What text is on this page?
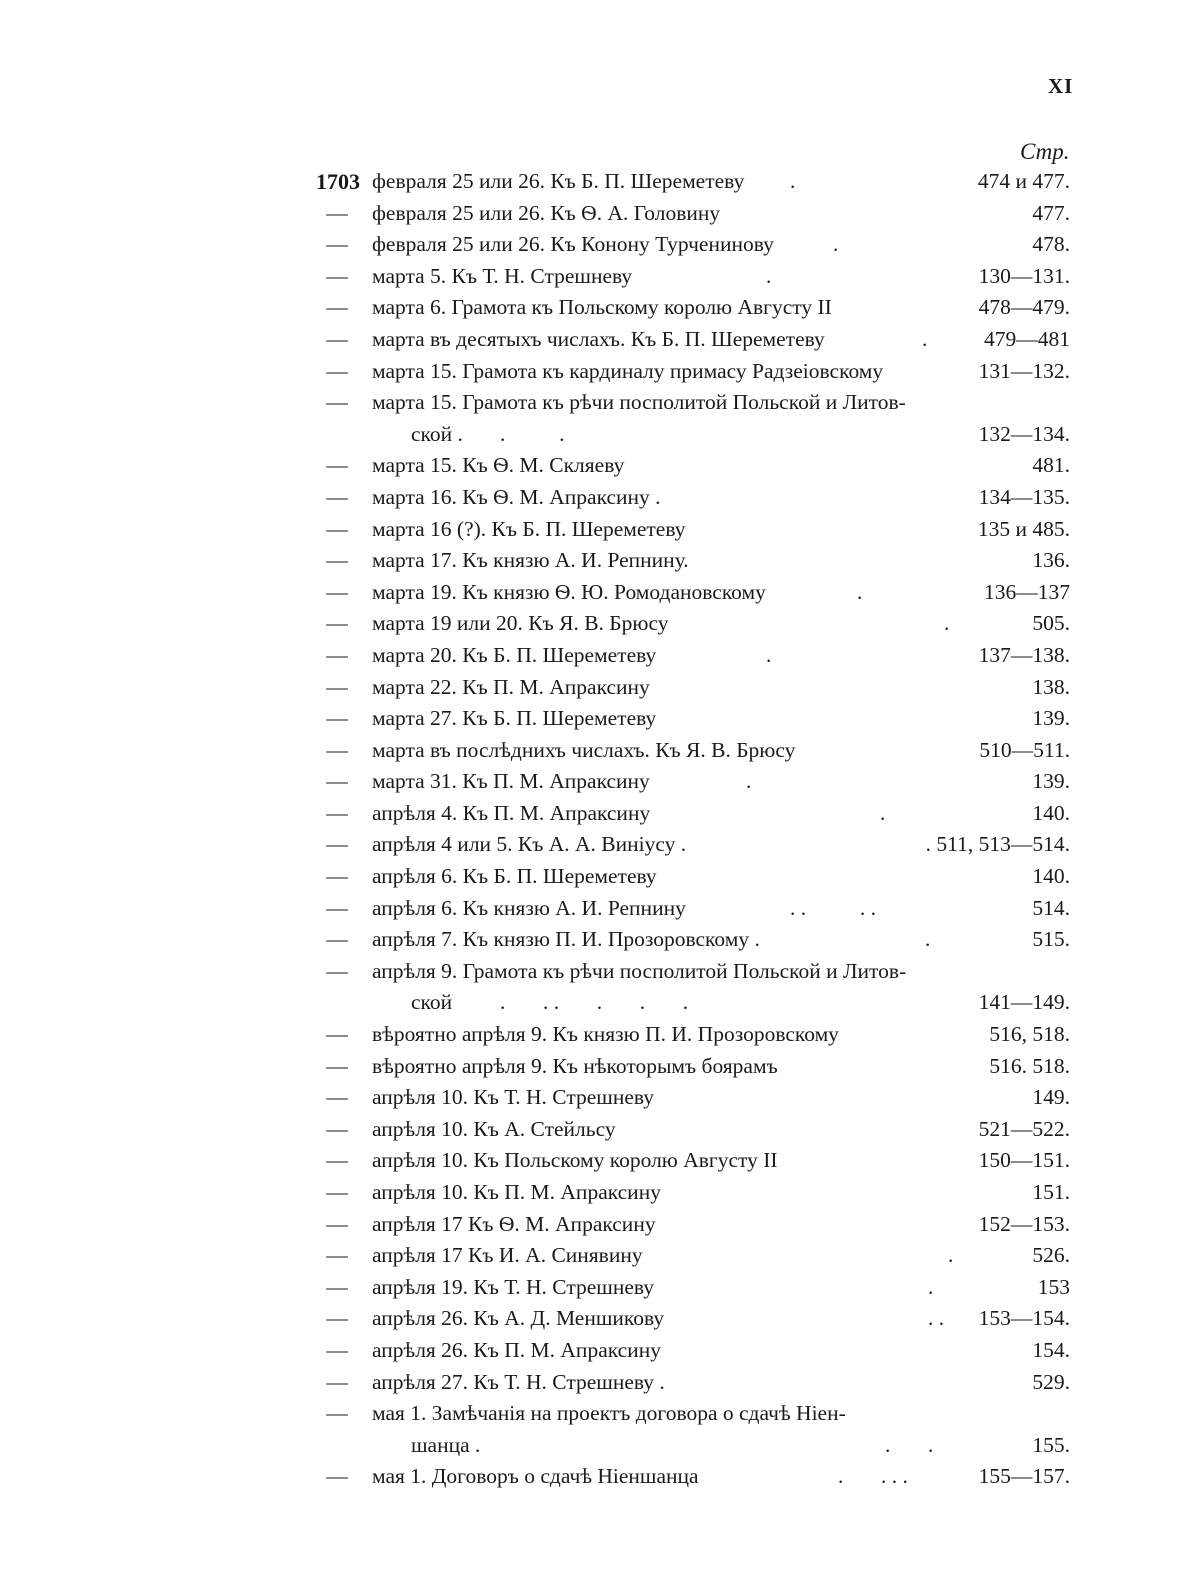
XI
Стр.
1703 февраля 25 или 26. Къ Б. П. Шереметеву .	474 и 477.
— февраля 25 или 26. Къ Ѳ. А. Головину	477.
— февраля 25 или 26. Къ Конону Турченинову	.	478.
— марта 5. Къ Т. Н. Стрешневу	.	130—131.
— марта 6. Грамота къ Польскому королю Августу II	478—479.
— марта въ десятыхъ числахъ. Къ Б. П. Шереметеву	.	479—481
— марта 15. Грамота къ кардиналу примасу Радзеіовскому	131—132.
— марта 15. Грамота къ рѣчи посполитой Польской и Литов-
ской . .          .	132—134.
— марта 15. Къ Ѳ. М. Скляеву	481.
— марта 16. Къ Ѳ. М. Апраксину .	134—135.
— марта 16 (?). Къ Б. П. Шереметеву	135 и 485.
— марта 17. Къ князю А. И. Репнину.	136.
— марта 19. Къ князю Ѳ. Ю. Ромодановскому	.	136—137
— марта 19 или 20. Къ Я. В. Брюсу	.	505.
— марта 20. Къ Б. П. Шереметеву	.	137—138.
— марта 22. Къ П. М. Апраксину	138.
— марта 27. Къ Б. П. Шереметеву	139.
— марта въ послѣднихъ числахъ. Къ Я. В. Брюсу	510—511.
— марта 31. Къ П. М. Апраксину	.	139.
— апрѣля 4. Къ П. М. Апраксину	.	140.
— апрѣля 4 или 5. Къ А. А. Виніусу .	. 511, 513—514.
— апрѣля 6. Къ Б. П. Шереметеву	140.
— апрѣля 6. Къ князю А. И. Репнину	. .          . .	514.
— апрѣля 7. Къ князю П. И. Прозоровскому .	.	515.
— апрѣля 9. Грамота къ рѣчи посполитой Польской и Литов-
ской .       . .       .       .       .	141—149.
— вѣроятно апрѣля 9. Къ князю П. И. Прозоровскому	516, 518.
— вѣроятно апрѣля 9. Къ нѣкоторымъ боярамъ	516. 518.
— апрѣля 10. Къ Т. Н. Стрешневу	149.
— апрѣля 10. Къ А. Стейльсу	521—522.
— апрѣля 10. Къ Польскому королю Августу II	150—151.
— апрѣля 10. Къ П. М. Апраксину	151.
— апрѣля 17 Къ Ѳ. М. Апраксину	152—153.
— апрѣля 17 Къ И. А. Синявину	.	526.
— апрѣля 19. Къ Т. Н. Стрешневу	.	153
— апрѣля 26. Къ А. Д. Меншикову	. . 153—154.
— апрѣля 26. Къ П. М. Апраксину	154.
— апрѣля 27. Къ Т. Н. Стрешневу .	529.
— мая 1. Замѣчанія на проектъ договора о сдачѣ Ніен-
шанца .	.       .	155.
— мая 1. Договоръ о сдачѣ Ніеншанца	.       . . .	155—157.
